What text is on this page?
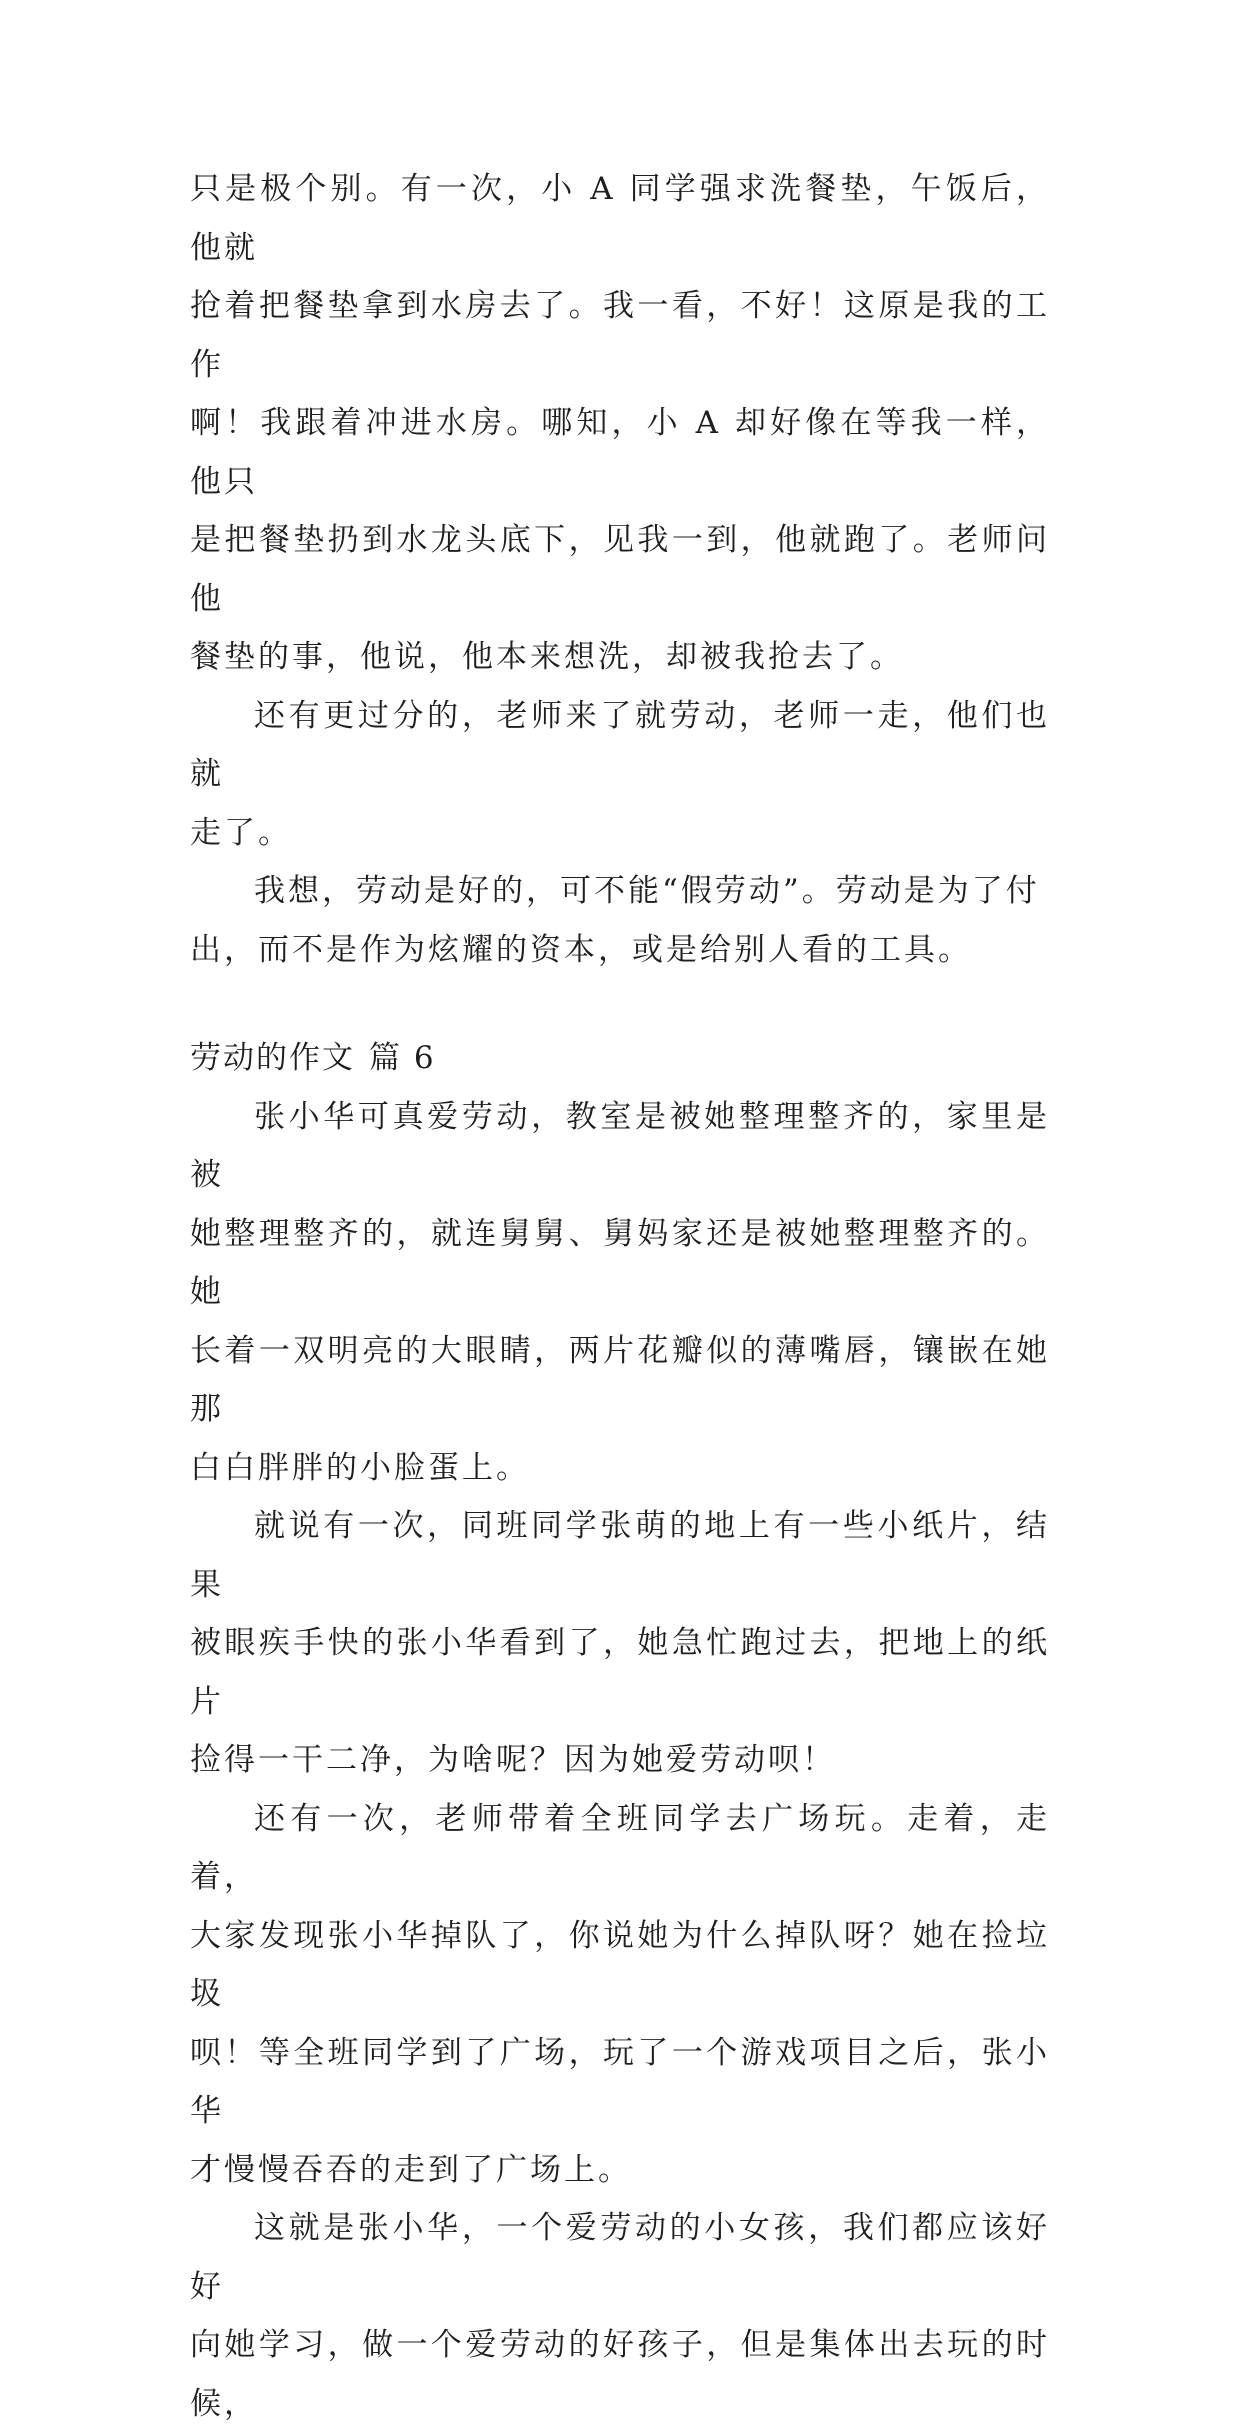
只是极个别。有一次，小 A 同学强求洗餐垫，午饭后，他就
抢着把餐垫拿到水房去了。我一看，不好！这原是我的工作
啊！我跟着冲进水房。哪知，小 A 却好像在等我一样，他只
是把餐垫扔到水龙头底下，见我一到，他就跑了。老师问他
餐垫的事，他说，他本来想洗，却被我抢去了。

还有更过分的，老师来了就劳动，老师一走，他们也就
走了。

我想，劳动是好的，可不能“假劳动”。劳动是为了付
出，而不是作为炫耀的资本，或是给别人看的工具。

劳动的作文 篇 6

张小华可真爱劳动，教室是被她整理整齐的，家里是被
她整理整齐的，就连舅舅、舅妈家还是被她整理整齐的。她
长着一双明亮的大眼睛，两片花瓣似的薄嘴唇，镶嵌在她那
白白胖胖的小脸蛋上。

就说有一次，同班同学张萌的地上有一些小纸片，结果
被眼疾手快的张小华看到了，她急忙跑过去，把地上的纸片
捡得一干二净，为啥呢？因为她爱劳动呗！

还有一次，老师带着全班同学去广场玩。走着，走着，
大家发现张小华掉队了，你说她为什么掉队呀？她在捡垃圾
呗！等全班同学到了广场，玩了一个游戏项目之后，张小华
才慢慢吞吞的走到了广场上。

这就是张小华，一个爱劳动的小女孩，我们都应该好好
向她学习，做一个爱劳动的好孩子，但是集体出去玩的时候，
